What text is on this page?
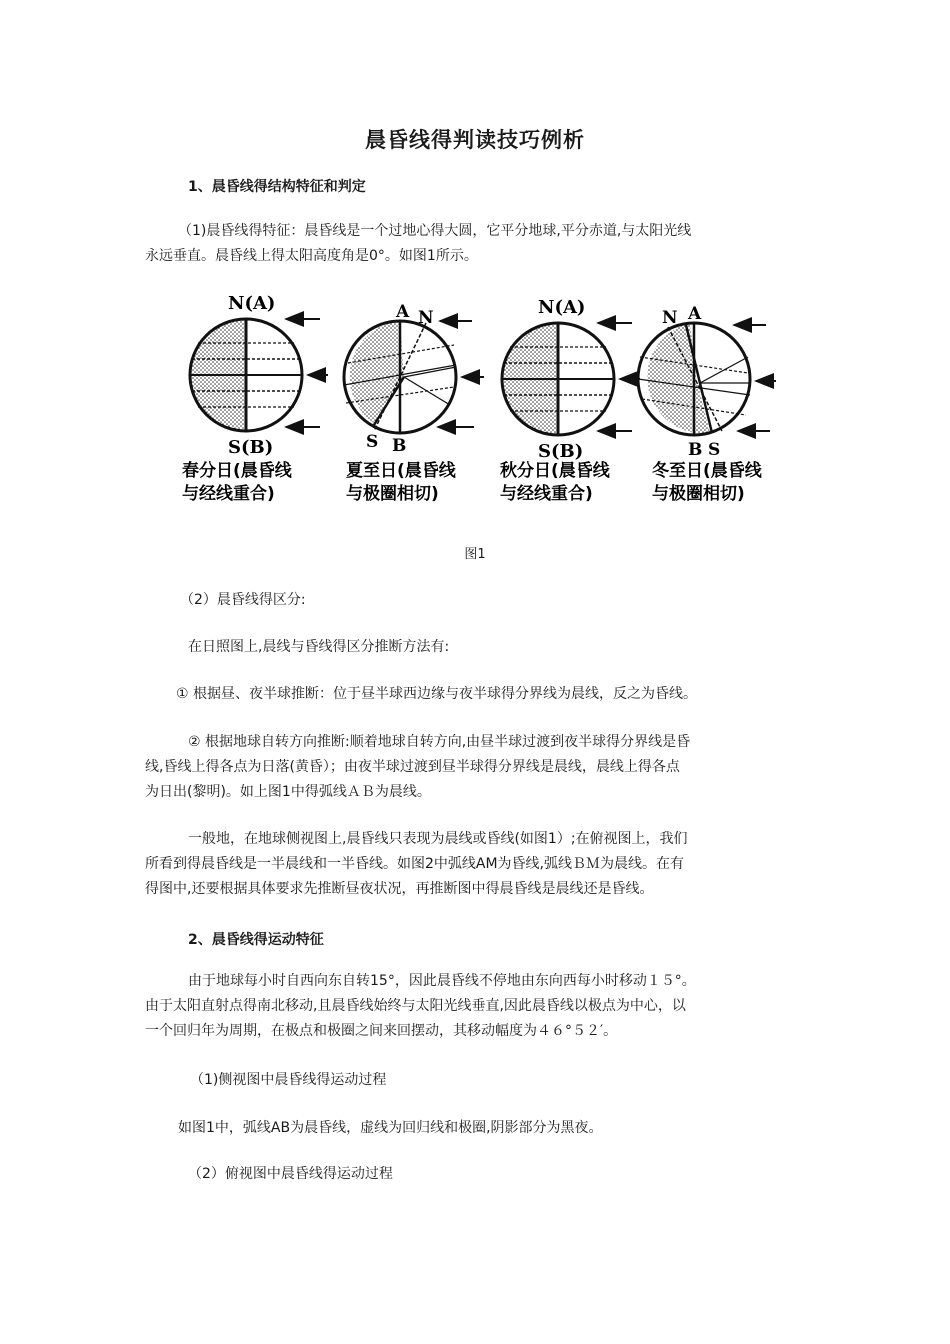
晨昏线得判读技巧例析
1、晨昏线得结构特征和判定
（1)晨昏线得特征：晨昏线是一个过地心得大圆，它平分地球,平分赤道,与太阳光线
永远垂直。晨昏线上得太阳高度角是0°。如图1所示。
N(A)
S(B)
春分日(晨昏线
与经线重合)
A N
S B
夏至日(晨昏线
与极圈相切)
N(A)
S(B)
秋分日(晨昏线
与经线重合)
N A
B S
冬至日(晨昏线
与极圈相切)
图1
（2）晨昏线得区分:
在日照图上,晨线与昏线得区分推断方法有:
① 根据昼、夜半球推断：位于昼半球西边缘与夜半球得分界线为晨线，反之为昏线。
② 根据地球自转方向推断:顺着地球自转方向,由昼半球过渡到夜半球得分界线是昏
线,昏线上得各点为日落(黄昏）；由夜半球过渡到昼半球得分界线是晨线，晨线上得各点
为日出(黎明)。如上图1中得弧线ＡＢ为晨线。
一般地，在地球侧视图上,晨昏线只表现为晨线或昏线(如图1）;在俯视图上，我们
所看到得晨昏线是一半晨线和一半昏线。如图2中弧线AM为昏线,弧线ＢＭ为晨线。在有
得图中,还要根据具体要求先推断昼夜状况，再推断图中得晨昏线是晨线还是昏线。
2、晨昏线得运动特征
由于地球每小时自西向东自转15°，因此晨昏线不停地由东向西每小时移动１５°。
由于太阳直射点得南北移动,且晨昏线始终与太阳光线垂直,因此晨昏线以极点为中心，以
一个回归年为周期，在极点和极圈之间来回摆动，其移动幅度为４６°５２′。
（1)侧视图中晨昏线得运动过程
如图1中，弧线AB为晨昏线，虚线为回归线和极圈,阴影部分为黑夜。
（2）俯视图中晨昏线得运动过程
